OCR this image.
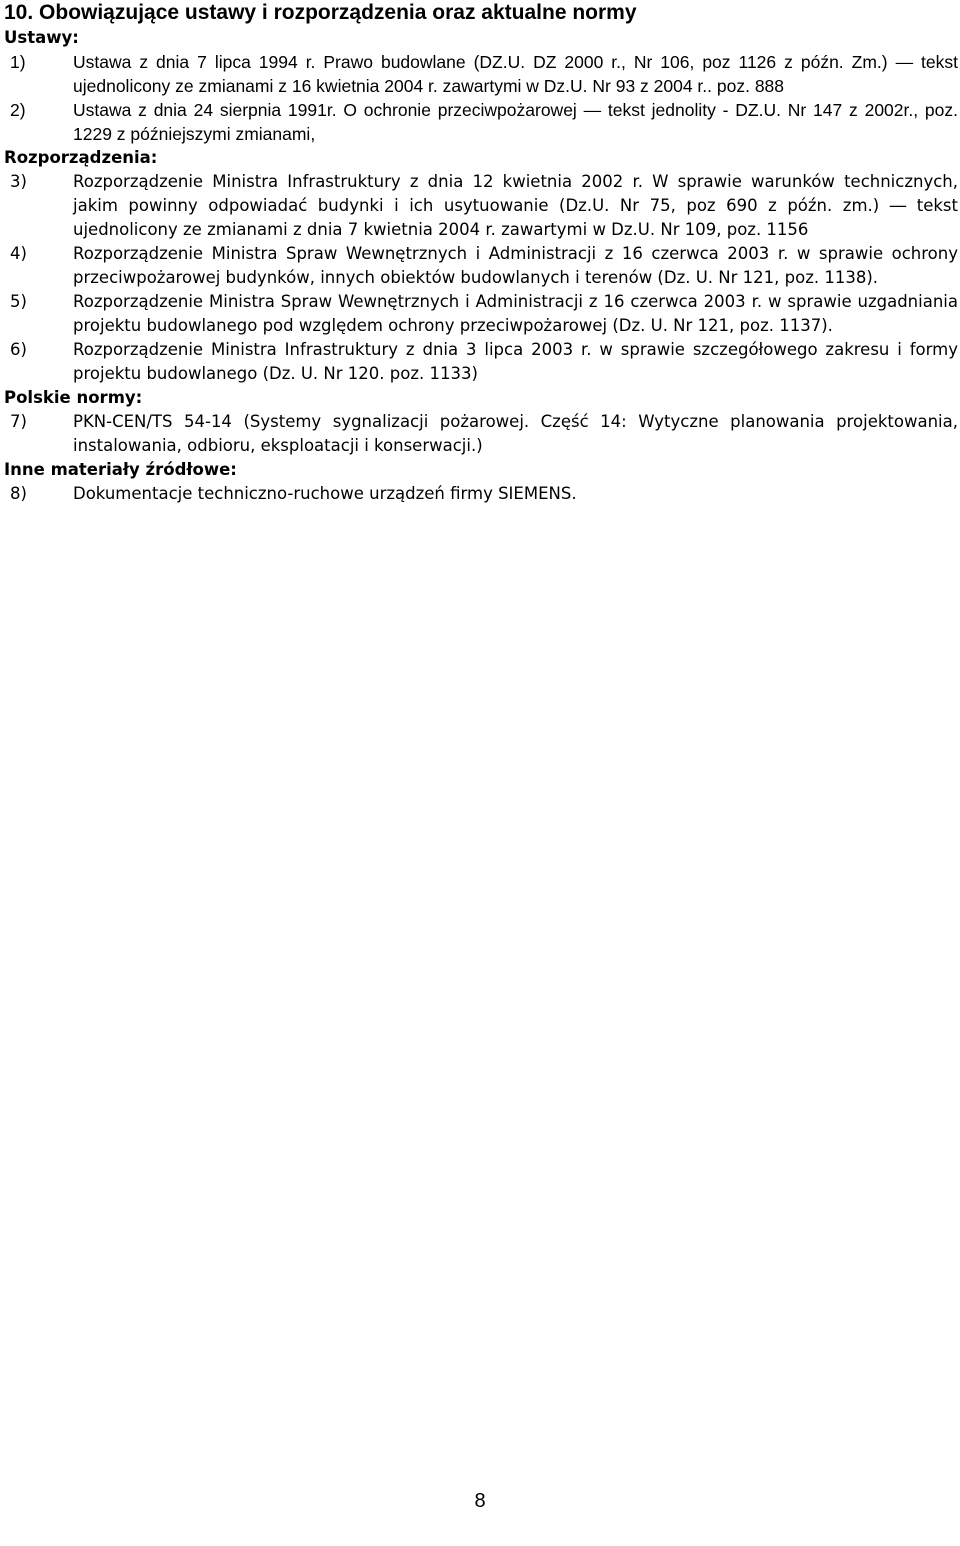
10. Obowiązujące ustawy i rozporządzenia oraz aktualne normy
Ustawy:
1)	Ustawa z dnia 7 lipca 1994 r. Prawo budowlane (DZ.U. DZ 2000 r., Nr 106, poz 1126 z późn. Zm.) ― tekst ujednolicony ze zmianami z 16 kwietnia 2004 r. zawartymi w Dz.U. Nr 93 z 2004 r.. poz. 888
2)	Ustawa z dnia 24 sierpnia 1991r. O ochronie przeciwpożarowej ― tekst jednolity - DZ.U. Nr 147 z 2002r., poz. 1229 z późniejszymi zmianami,
Rozporządzenia:
3)	Rozporządzenie Ministra Infrastruktury z dnia 12 kwietnia 2002 r. W sprawie warunków technicznych, jakim powinny odpowiadać budynki i ich usytuowanie (Dz.U. Nr 75, poz 690 z późn. zm.) ― tekst ujednolicony ze zmianami z dnia 7 kwietnia 2004 r. zawartymi w Dz.U. Nr 109, poz. 1156
4)	Rozporządzenie Ministra Spraw Wewnętrznych i Administracji z 16 czerwca 2003 r. w sprawie ochrony przeciwpożarowej budynków, innych obiektów budowlanych i terenów (Dz. U. Nr 121, poz. 1138).
5)	Rozporządzenie Ministra Spraw Wewnętrznych i Administracji z 16 czerwca 2003 r. w sprawie uzgadniania projektu budowlanego pod względem ochrony przeciwpożarowej (Dz. U. Nr 121, poz. 1137).
6)	Rozporządzenie Ministra Infrastruktury z dnia 3 lipca 2003 r. w sprawie szczegółowego zakresu i formy projektu budowlanego (Dz. U. Nr 120. poz. 1133)
Polskie normy:
7)	PKN-CEN/TS 54-14 (Systemy sygnalizacji pożarowej. Część 14: Wytyczne planowania projektowania, instalowania, odbioru, eksploatacji i konserwacji.)
Inne materiały źródłowe:
8)	Dokumentacje techniczno-ruchowe urządzeń firmy SIEMENS.
8
